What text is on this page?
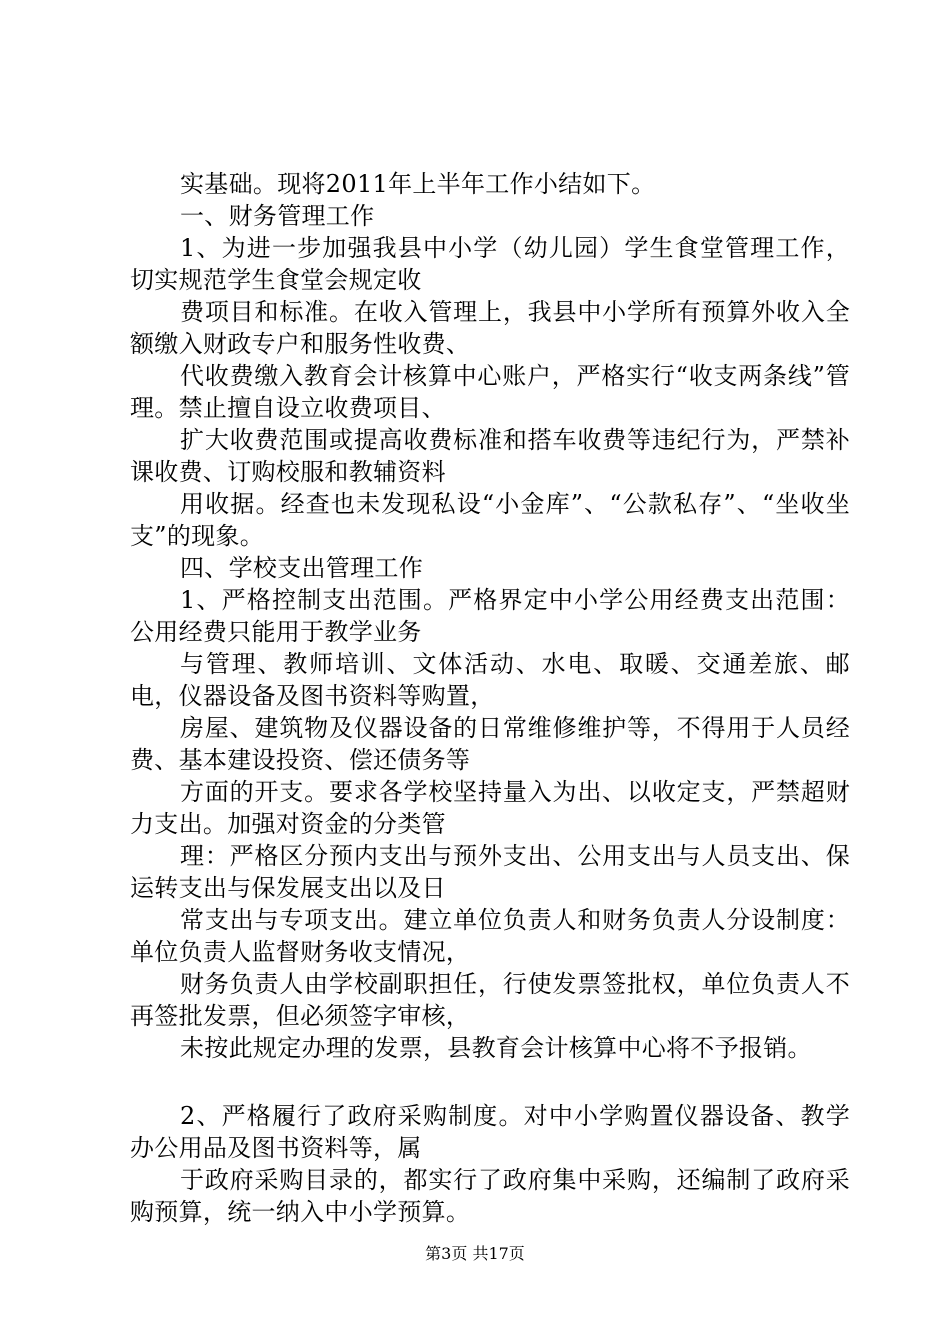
实基础。现将2011年上半年工作小结如下。

一、财务管理工作

1、为进一步加强我县中小学（幼儿园）学生食堂管理工作，切实规范学生食堂会规定收

费项目和标准。在收入管理上，我县中小学所有预算外收入全额缴入财政专户和服务性收费、

代收费缴入教育会计核算中心账户，严格实行“收支两条线”管理。禁止擅自设立收费项目、

扩大收费范围或提高收费标准和搭车收费等违纪行为，严禁补课收费、订购校服和教辅资料

用收据。经查也未发现私设“小金库”、“公款私存”、“坐收坐支”的现象。

四、学校支出管理工作

1、严格控制支出范围。严格界定中小学公用经费支出范围：公用经费只能用于教学业务

与管理、教师培训、文体活动、水电、取暖、交通差旅、邮电，仪器设备及图书资料等购置，

房屋、建筑物及仪器设备的日常维修维护等，不得用于人员经费、基本建设投资、偿还债务等

方面的开支。要求各学校坚持量入为出、以收定支，严禁超财力支出。加强对资金的分类管

理：严格区分预内支出与预外支出、公用支出与人员支出、保运转支出与保发展支出以及日

常支出与专项支出。建立单位负责人和财务负责人分设制度：单位负责人监督财务收支情况，

财务负责人由学校副职担任，行使发票签批权，单位负责人不再签批发票，但必须签字审核，

未按此规定办理的发票，县教育会计核算中心将不予报销。

2、严格履行了政府采购制度。对中小学购置仪器设备、教学办公用品及图书资料等，属

于政府采购目录的，都实行了政府集中采购，还编制了政府采购预算，统一纳入中小学预算。

第3页 共17页
